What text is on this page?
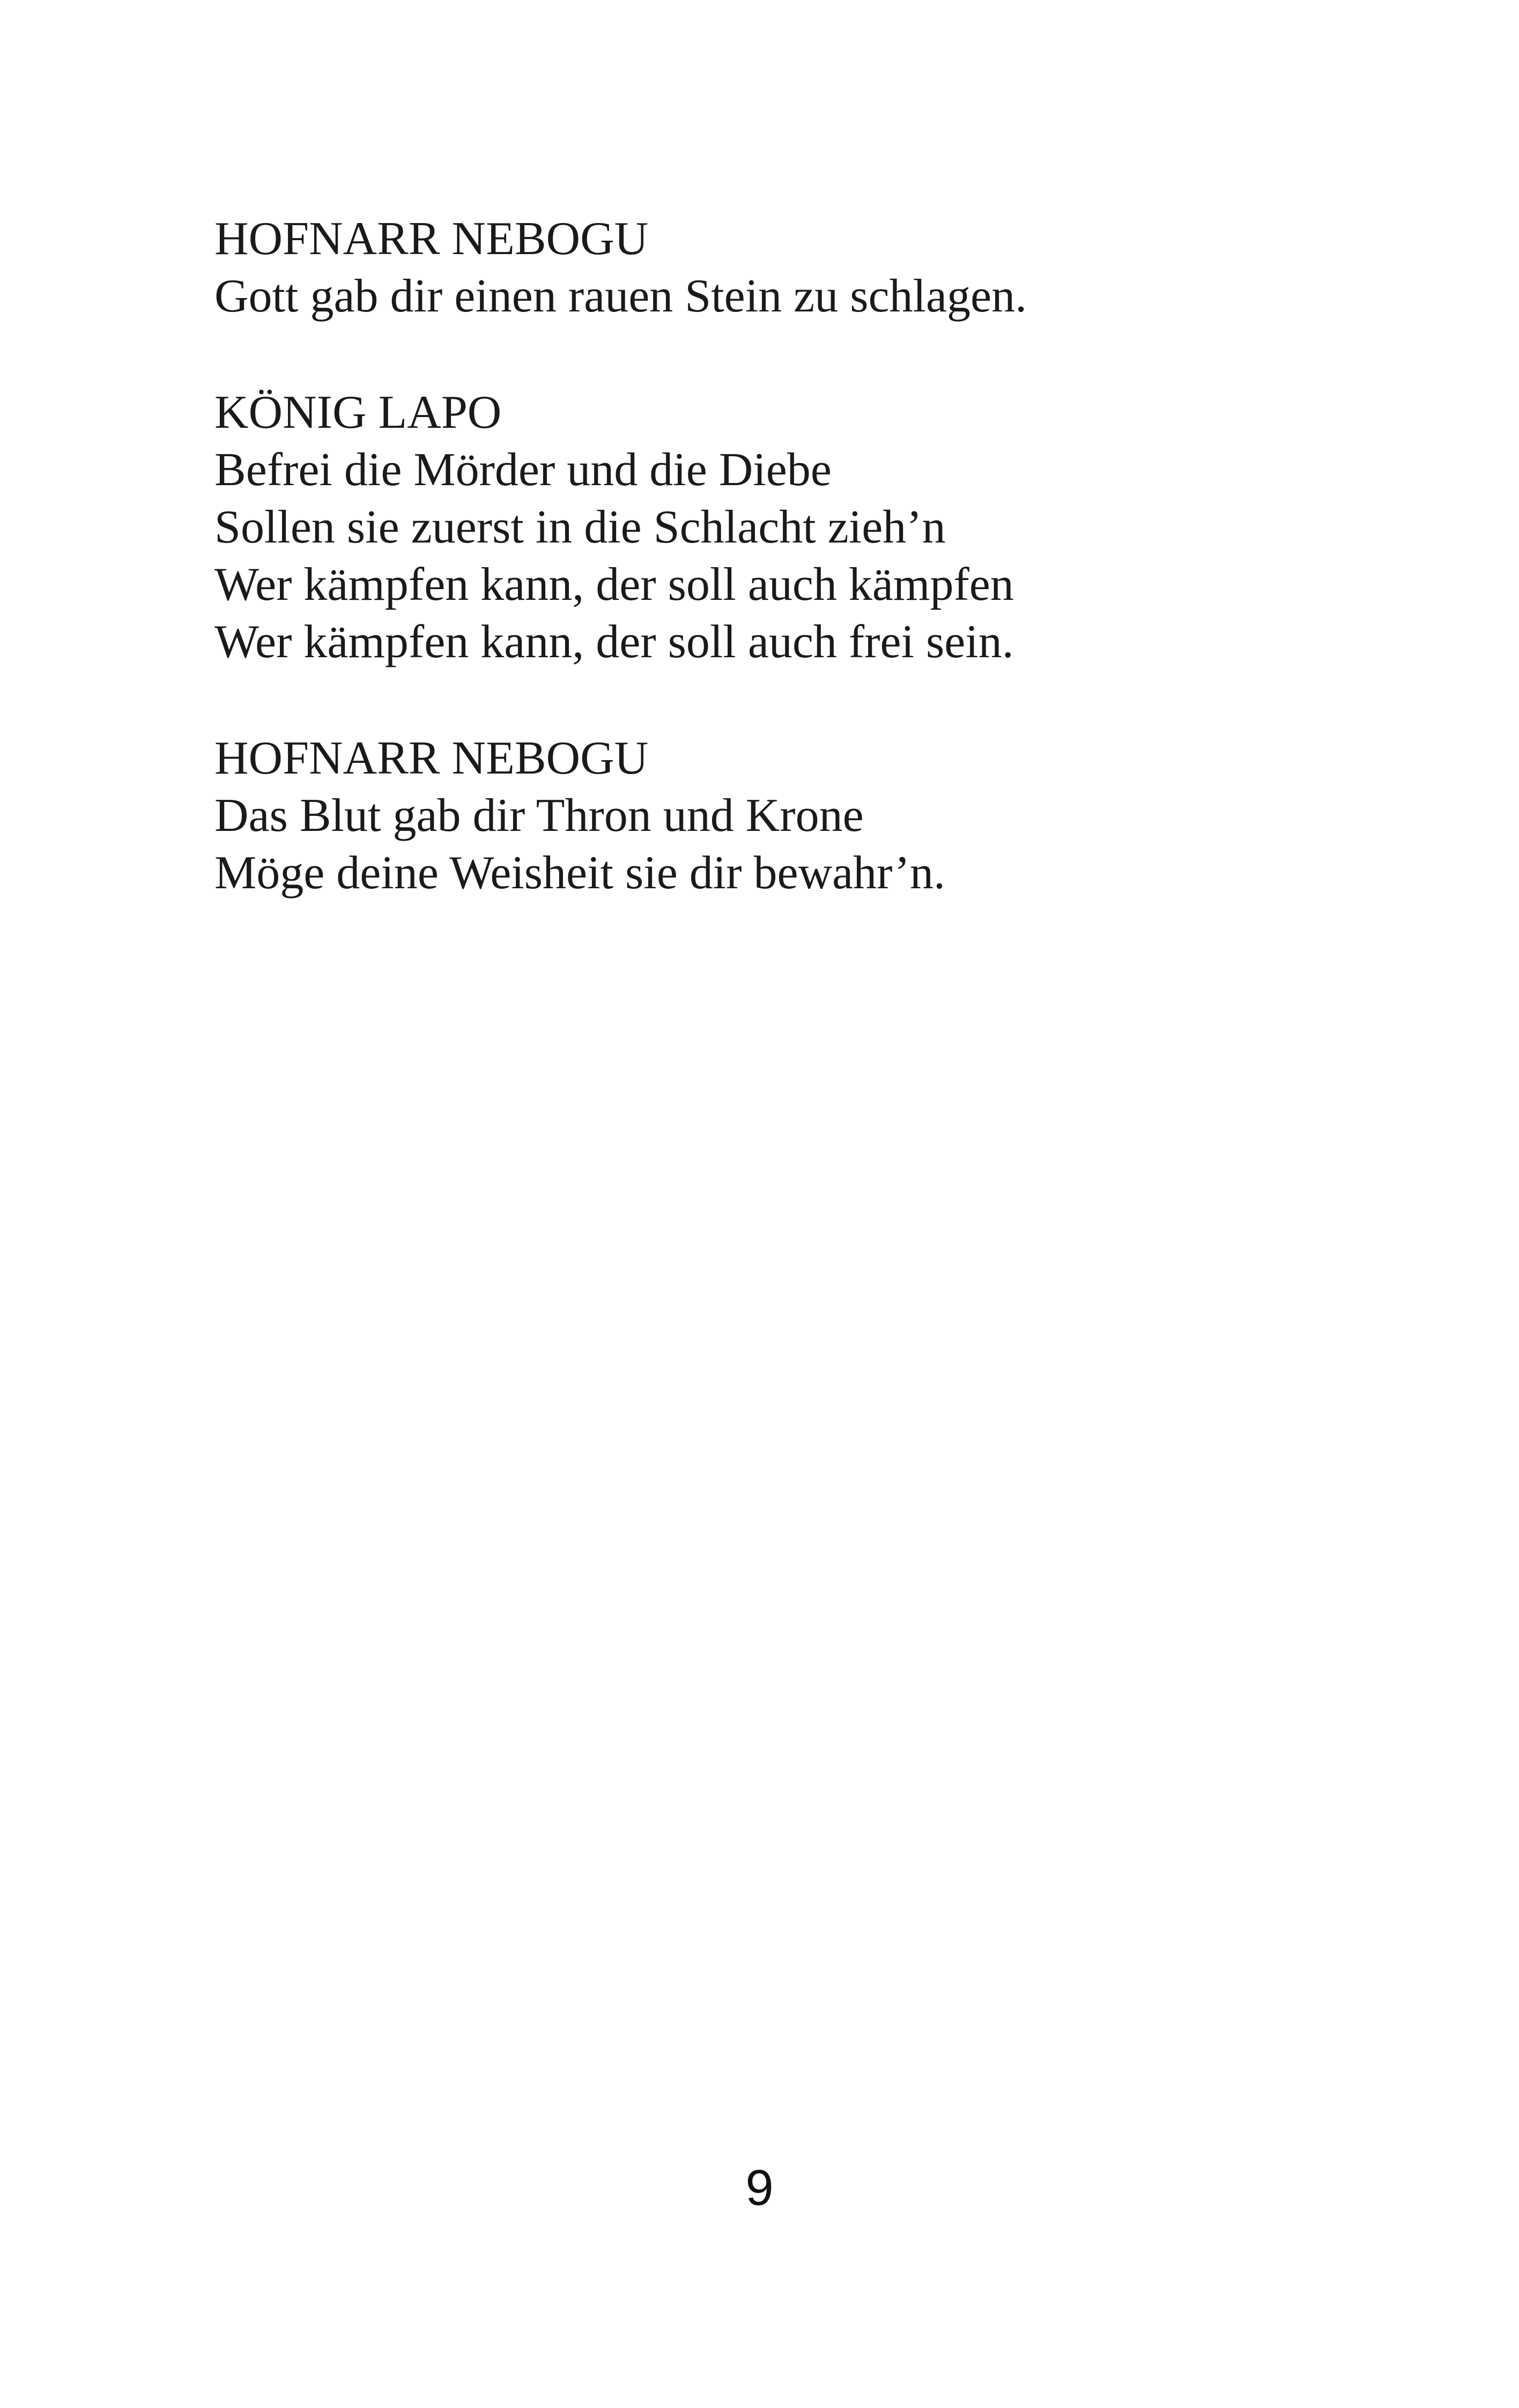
HOFNARR NEBOGU
Gott gab dir einen rauen Stein zu schlagen.
KÖNIG LAPO
Befrei die Mörder und die Diebe
Sollen sie zuerst in die Schlacht zieh’n
Wer kämpfen kann, der soll auch kämpfen
Wer kämpfen kann, der soll auch frei sein.
HOFNARR NEBOGU
Das Blut gab dir Thron und Krone
Möge deine Weisheit sie dir bewahr’n.
9
